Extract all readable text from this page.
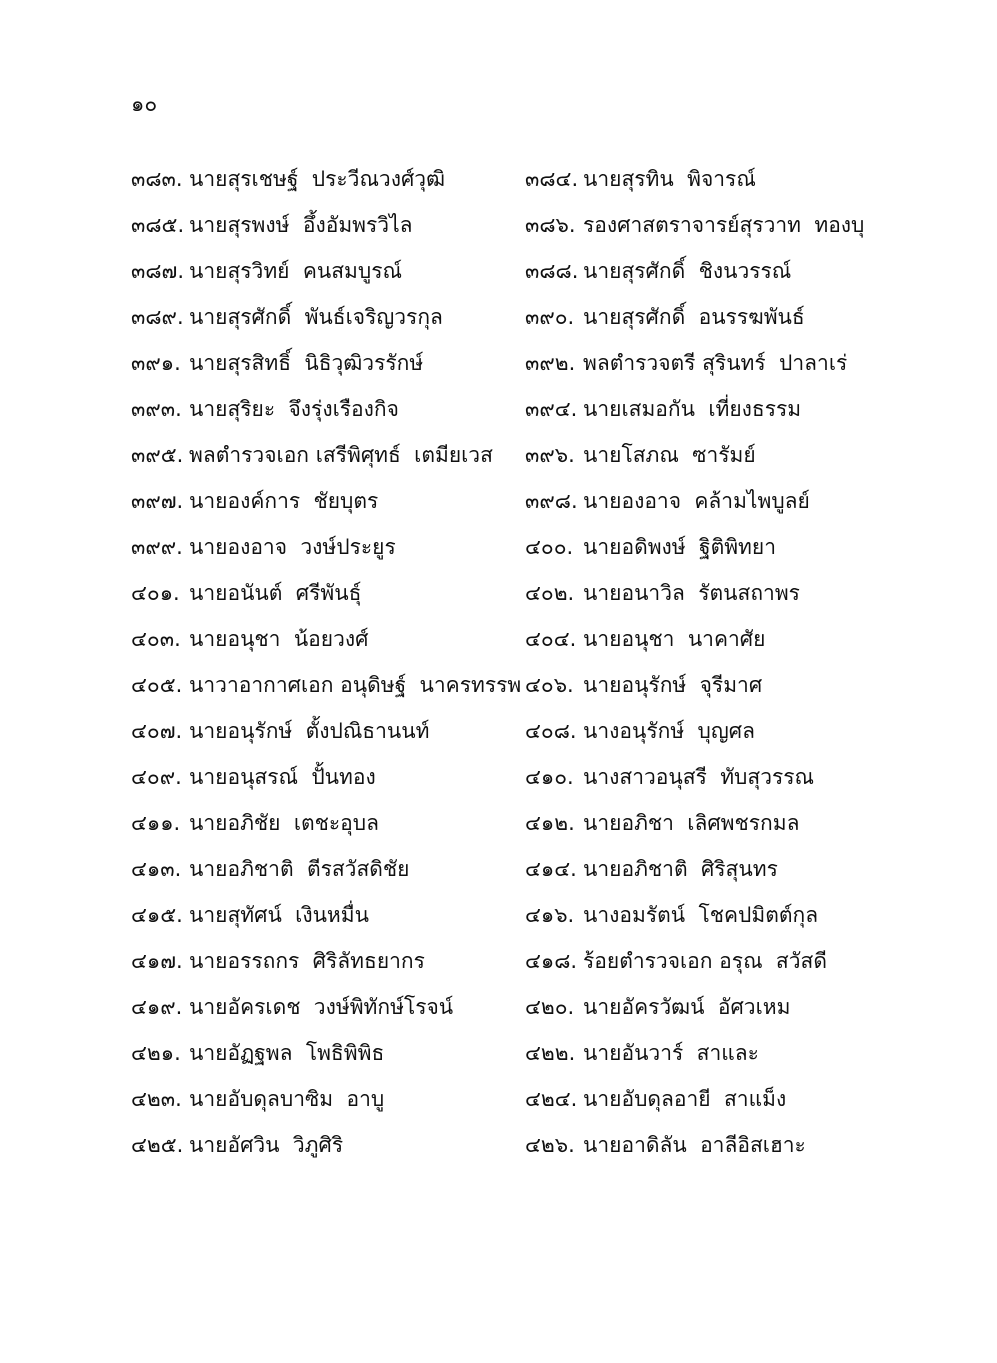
๑๐
๓๘๓. นายสุรเชษฐ์  ประวีณวงศ์วุฒิ	๓๘๔. นายสุรทิน  พิจารณ์
๓๘๕. นายสุรพงษ์  อึ้งอัมพรวิไล	๓๘๖. รองศาสตราจารย์สุรวาท  ทองบุ
๓๘๗. นายสุรวิทย์  คนสมบูรณ์	๓๘๘. นายสุรศักดิ์  ชิงนวรรณ์
๓๘๙. นายสุรศักดิ์  พันธ์เจริญวรกุล	๓๙๐. นายสุรศักดิ์  อนรรฆพันธ์
๓๙๑. นายสุรสิทธิ์  นิธิวุฒิวรรักษ์	๓๙๒. พลตำรวจตรี สุรินทร์  ปาลาเร่
๓๙๓. นายสุริยะ  จึงรุ่งเรืองกิจ	๓๙๔. นายเสมอกัน  เที่ยงธรรม
๓๙๕. พลตำรวจเอก เสรีพิศุทธ์  เตมียเวส ๓๙๖. นายโสภณ  ซารัมย์
๓๙๗. นายองค์การ  ชัยบุตร	๓๙๘. นายองอาจ  คล้ามไพบูลย์
๓๙๙. นายองอาจ  วงษ์ประยูร	๔๐๐. นายอดิพงษ์  ฐิติพิทยา
๔๐๑. นายอนันต์  ศรีพันธุ์	๔๐๒. นายอนาวิล  รัตนสถาพร
๔๐๓. นายอนุชา  น้อยวงศ์	๔๐๔. นายอนุชา  นาคาศัย
๔๐๕. นาวาอากาศเอก อนุดิษฐ์  นาครทรรพ ๔๐๖. นายอนุรักษ์  จุรีมาศ
๔๐๗. นายอนุรักษ์  ตั้งปณิธานนท์	๔๐๘. นางอนุรักษ์  บุญศล
๔๐๙. นายอนุสรณ์  ปั้นทอง	๔๑๐. นางสาวอนุสรี  ทับสุวรรณ
๔๑๑. นายอภิชัย  เตชะอุบล	๔๑๒. นายอภิชา  เลิศพชรกมล
๔๑๓. นายอภิชาติ  ตีรสวัสดิชัย	๔๑๔. นายอภิชาติ  ศิริสุนทร
๔๑๕. นายสุทัศน์  เงินหมื่น	๔๑๖. นางอมรัตน์  โชคปมิตต์กุล
๔๑๗. นายอรรถกร  ศิริลัทธยากร	๔๑๘. ร้อยตำรวจเอก อรุณ  สวัสดี
๔๑๙. นายอัครเดช  วงษ์พิทักษ์โรจน์	๔๒๐. นายอัครวัฒน์  อัศวเหม
๔๒๑. นายอัฏฐพล  โพธิพิพิธ	๔๒๒. นายอันวาร์  สาและ
๔๒๓. นายอับดุลบาซิม  อาบู	๔๒๔. นายอับดุลอายี  สาแม็ง
๔๒๕. นายอัศวิน  วิภูศิริ	๔๒๖. นายอาดิลัน  อาลีอิสเฮาะ
